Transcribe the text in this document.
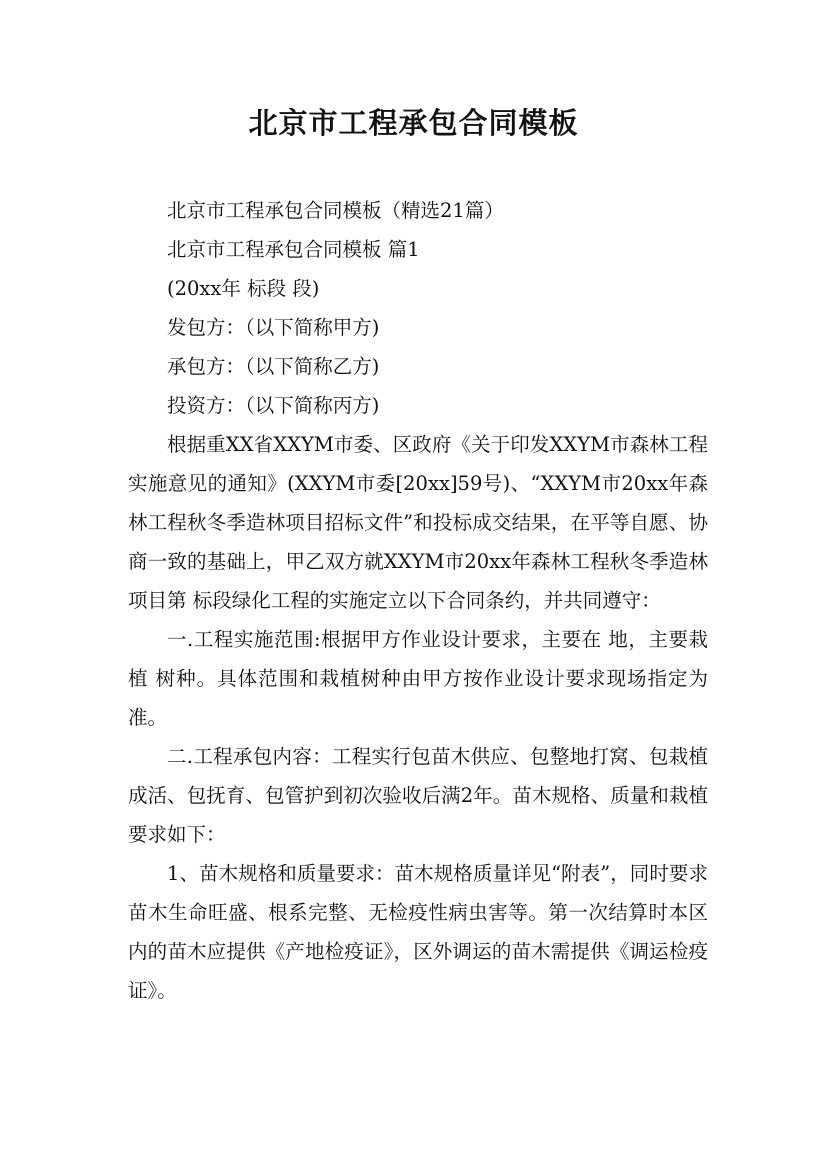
北京市工程承包合同模板

北京市工程承包合同模板（精选21篇）

北京市工程承包合同模板 篇1

(20xx年 标段 段)

发包方：（以下简称甲方)

承包方：（以下简称乙方)

投资方：（以下简称丙方)

根据重XX省XXYM市委、区政府《关于印发XXYM市森林工程实施意见的通知》(XXYM市委[20xx]59号)、“XXYM市20xx年森林工程秋冬季造林项目招标文件”和投标成交结果，在平等自愿、协商一致的基础上，甲乙双方就XXYM市20xx年森林工程秋冬季造林项目第 标段绿化工程的实施定立以下合同条约，并共同遵守：

一.工程实施范围:根据甲方作业设计要求，主要在 地，主要栽植 树种。具体范围和栽植树种由甲方按作业设计要求现场指定为准。

二.工程承包内容：工程实行包苗木供应、包整地打窝、包栽植成活、包抚育、包管护到初次验收后满2年。苗木规格、质量和栽植要求如下：

1、苗木规格和质量要求：苗木规格质量详见“附表”，同时要求苗木生命旺盛、根系完整、无检疫性病虫害等。第一次结算时本区内的苗木应提供《产地检疫证》，区外调运的苗木需提供《调运检疫证》。
